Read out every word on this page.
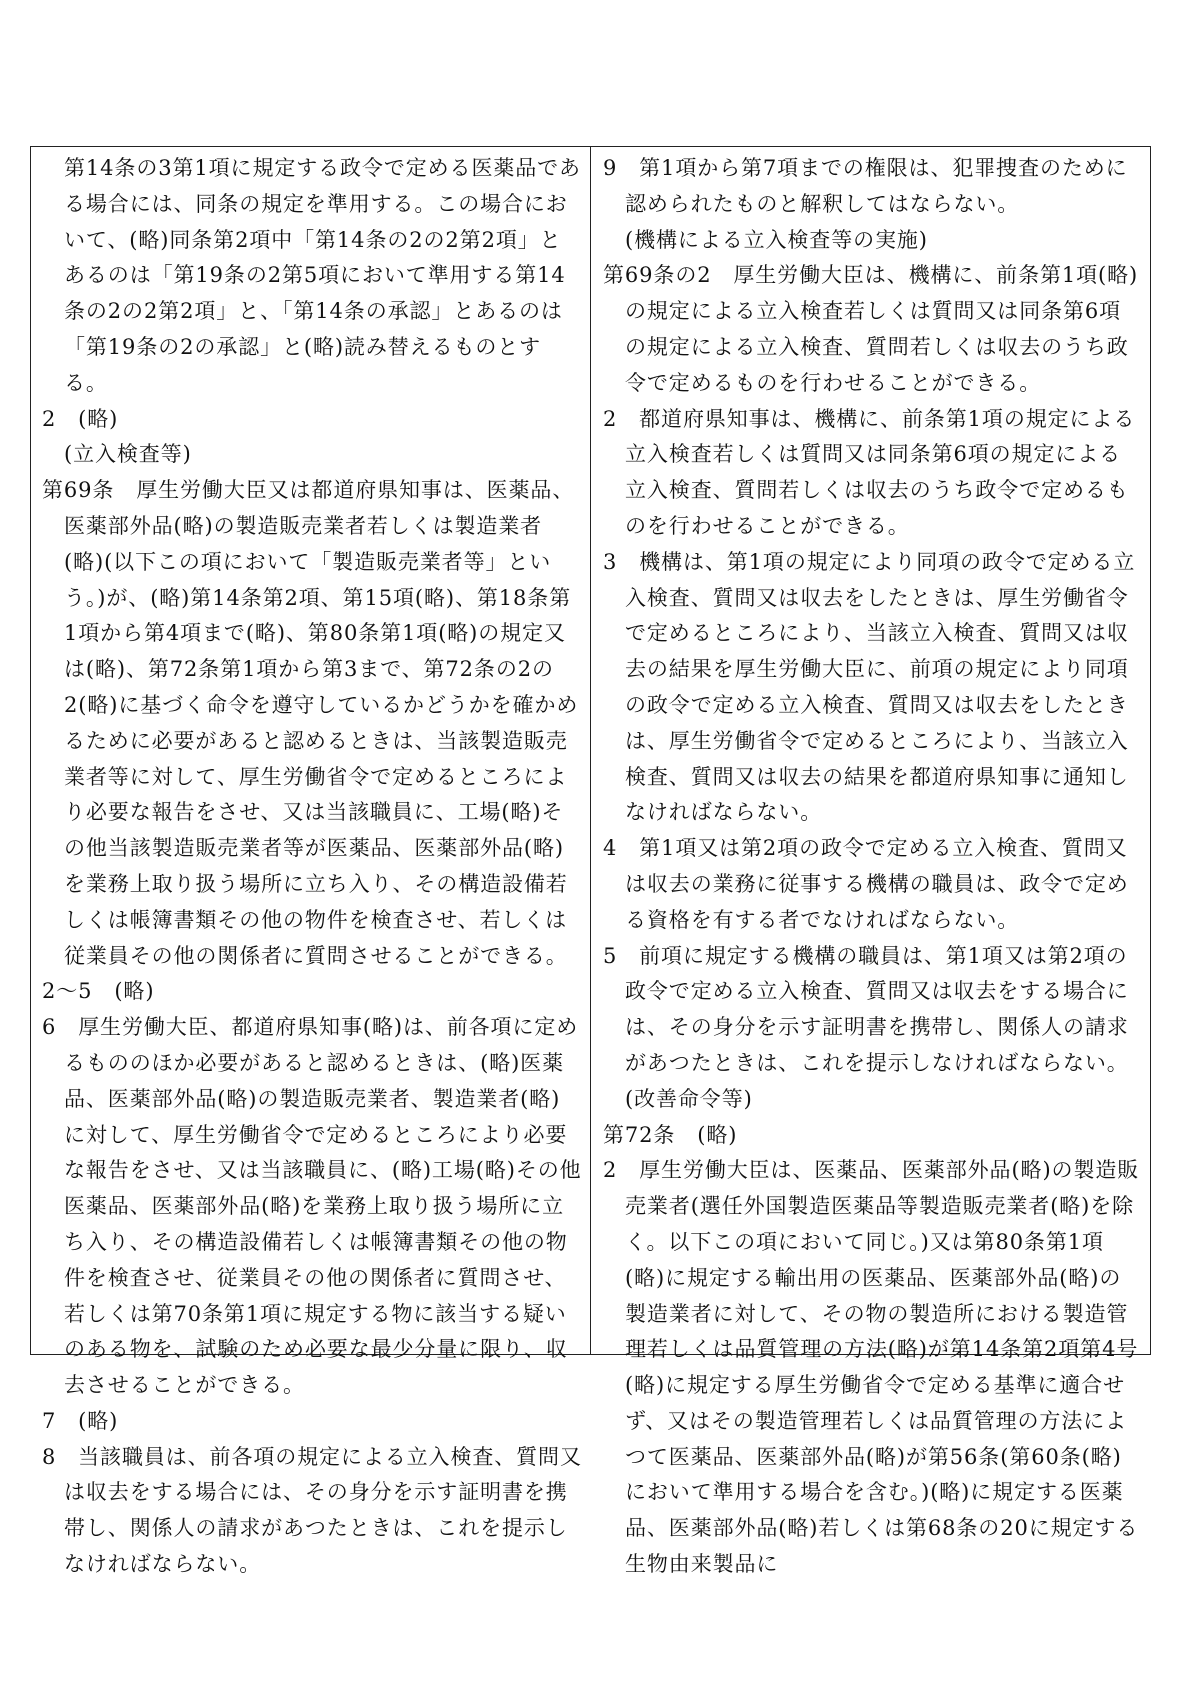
第14条の3第1項に規定する政令で定める医薬品である場合には、同条の規定を準用する。この場合において、(略)同条第2項中「第14条の2の2第2項」とあるのは「第19条の2第5項において準用する第14条の2の2第2項」と、「第14条の承認」とあるのは「第19条の2の承認」と(略)読み替えるものとする。

2　(略)

(立入検査等)

第69条　厚生労働大臣又は都道府県知事は、医薬品、医薬部外品(略)の製造販売業者若しくは製造業者(略)(以下この項において「製造販売業者等」という。)が、(略)第14条第2項、第15項(略)、第18条第1項から第4項まで(略)、第80条第1項(略)の規定又は(略)、第72条第1項から第3まで、第72条の2の2(略)に基づく命令を遵守しているかどうかを確かめるために必要があると認めるときは、当該製造販売業者等に対して、厚生労働省令で定めるところにより必要な報告をさせ、又は当該職員に、工場(略)その他当該製造販売業者等が医薬品、医薬部外品(略)を業務上取り扱う場所に立ち入り、その構造設備若しくは帳簿書類その他の物件を検査させ、若しくは従業員その他の関係者に質問させることができる。

2～5　(略)

6　厚生労働大臣、都道府県知事(略)は、前各項に定めるもののほか必要があると認めるときは、(略)医薬品、医薬部外品(略)の製造販売業者、製造業者(略)に対して、厚生労働省令で定めるところにより必要な報告をさせ、又は当該職員に、(略)工場(略)その他医薬品、医薬部外品(略)を業務上取り扱う場所に立ち入り、その構造設備若しくは帳簿書類その他の物件を検査させ、従業員その他の関係者に質問させ、若しくは第70条第1項に規定する物に該当する疑いのある物を、試験のため必要な最少分量に限り、収去させることができる。

7　(略)

8　当該職員は、前各項の規定による立入検査、質問又は収去をする場合には、その身分を示す証明書を携帯し、関係人の請求があつたときは、これを提示しなければならない。

9　第1項から第7項までの権限は、犯罪捜査のために認められたものと解釈してはならない。

(機構による立入検査等の実施)

第69条の2　厚生労働大臣は、機構に、前条第1項(略)の規定による立入検査若しくは質問又は同条第6項の規定による立入検査、質問若しくは収去のうち政令で定めるものを行わせることができる。

2　都道府県知事は、機構に、前条第1項の規定による立入検査若しくは質問又は同条第6項の規定による立入検査、質問若しくは収去のうち政令で定めるものを行わせることができる。

3　機構は、第1項の規定により同項の政令で定める立入検査、質問又は収去をしたときは、厚生労働省令で定めるところにより、当該立入検査、質問又は収去の結果を厚生労働大臣に、前項の規定により同項の政令で定める立入検査、質問又は収去をしたときは、厚生労働省令で定めるところにより、当該立入検査、質問又は収去の結果を都道府県知事に通知しなければならない。

4　第1項又は第2項の政令で定める立入検査、質問又は収去の業務に従事する機構の職員は、政令で定める資格を有する者でなければならない。

5　前項に規定する機構の職員は、第1項又は第2項の政令で定める立入検査、質問又は収去をする場合には、その身分を示す証明書を携帯し、関係人の請求があつたときは、これを提示しなければならない。

(改善命令等)

第72条　(略)

2　厚生労働大臣は、医薬品、医薬部外品(略)の製造販売業者(選任外国製造医薬品等製造販売業者(略)を除く。以下この項において同じ。)又は第80条第1項(略)に規定する輸出用の医薬品、医薬部外品(略)の製造業者に対して、その物の製造所における製造管理若しくは品質管理の方法(略)が第14条第2項第4号(略)に規定する厚生労働省令で定める基準に適合せず、又はその製造管理若しくは品質管理の方法によつて医薬品、医薬部外品(略)が第56条(第60条(略)において準用する場合を含む。)(略)に規定する医薬品、医薬部外品(略)若しくは第68条の20に規定する生物由来製品に
